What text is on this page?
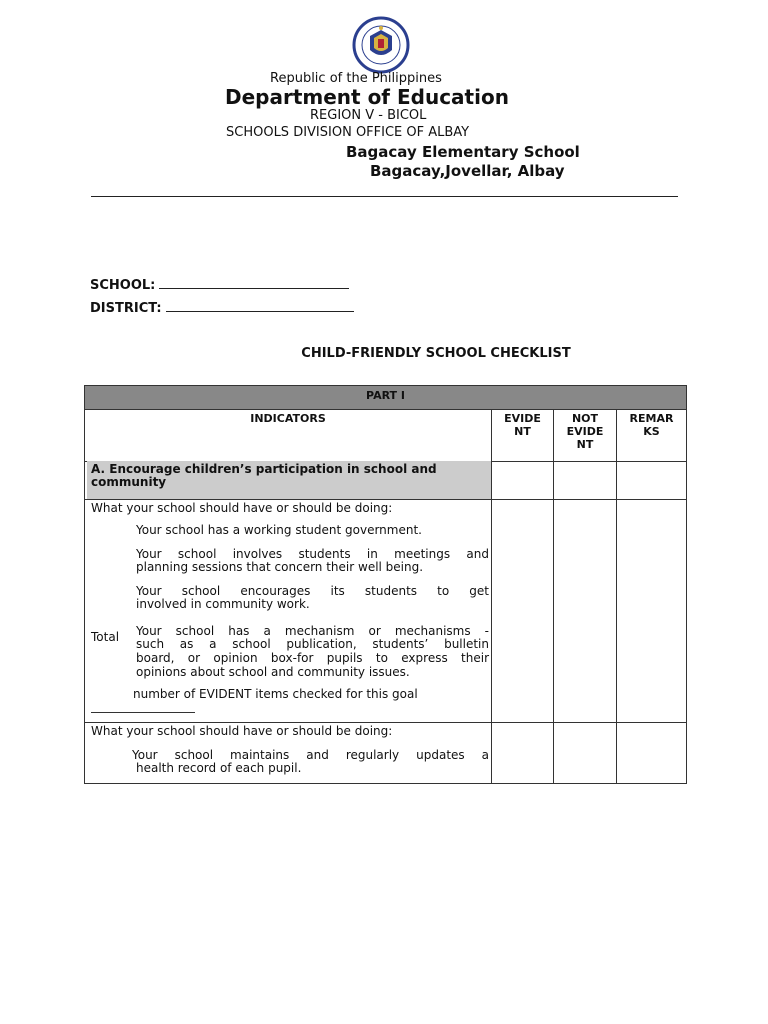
Republic of the Philippines
Department of Education
REGION V - BICOL
SCHOOLS DIVISION OFFICE OF ALBAY
Bagacay Elementary School
Bagacay,Jovellar, Albay
SCHOOL:
DISTRICT:
CHILD-FRIENDLY SCHOOL CHECKLIST
PART I
INDICATORS	EVIDE
NT
NOT
EVIDE
NT
REMAR
KS
A. Encourage children’s participation in school and community
What your school should have or should be doing:
Your school has a working student government.
Your school involves students in meetings and
planning sessions that concern their well being.
Your school encourages its students to get
involved in community work.
Total Your school has a mechanism or mechanisms -
such as a school publication, students’ bulletin
board, or opinion box-for pupils to express their
opinions about school and community issues.
number of EVIDENT items checked for this goal
What your school should have or should be doing:
Your school maintains and regularly updates a
health record of each pupil.
